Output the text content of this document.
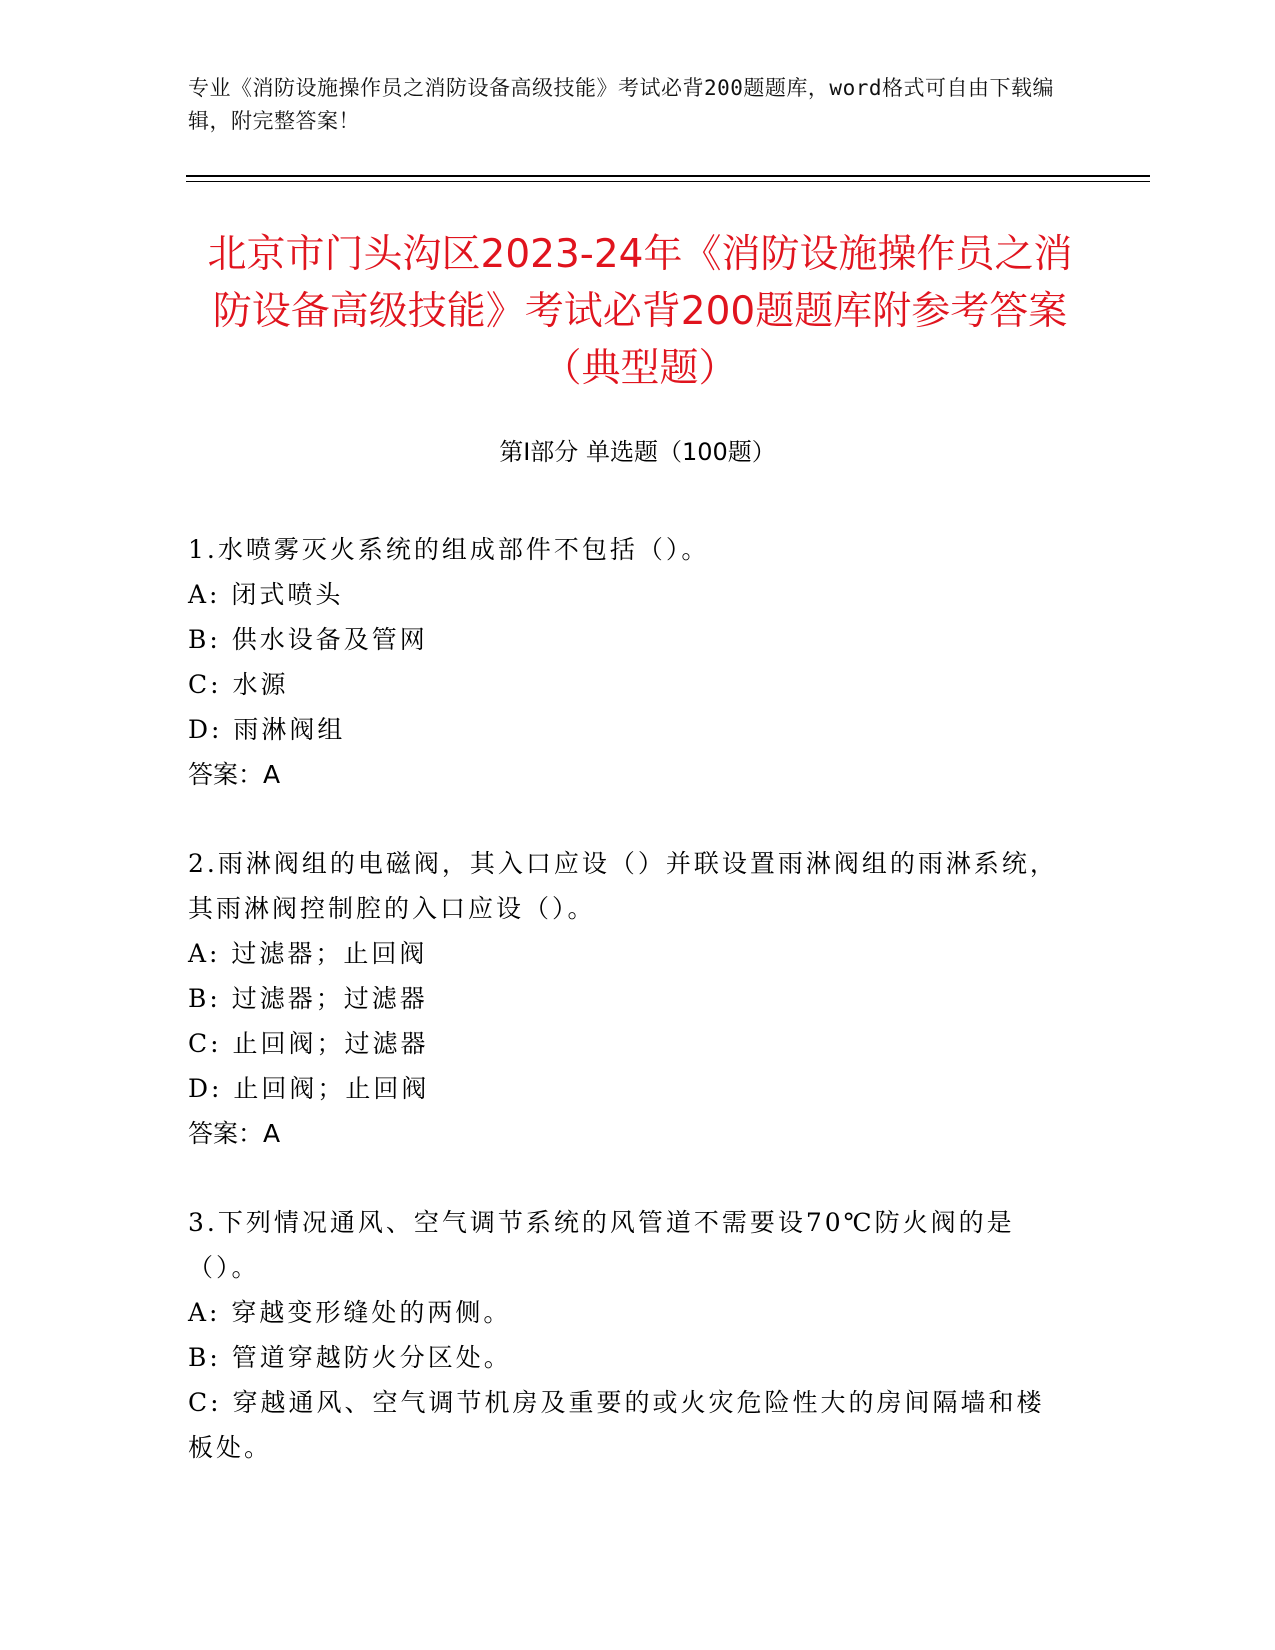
专业《消防设施操作员之消防设备高级技能》考试必背200题题库，word格式可自由下载编辑，附完整答案！
北京市门头沟区2023-24年《消防设施操作员之消防设备高级技能》考试必背200题题库附参考答案（典型题）
第I部分 单选题（100题）
1.水喷雾灭火系统的组成部件不包括（）。
A: 闭式喷头
B: 供水设备及管网
C: 水源
D: 雨淋阀组
答案：A
2.雨淋阀组的电磁阀，其入口应设（）并联设置雨淋阀组的雨淋系统，其雨淋阀控制腔的入口应设（）。
A: 过滤器；止回阀
B: 过滤器；过滤器
C: 止回阀；过滤器
D: 止回阀；止回阀
答案：A
3.下列情况通风、空气调节系统的风管道不需要设70℃防火阀的是（）。
A: 穿越变形缝处的两侧。
B: 管道穿越防火分区处。
C: 穿越通风、空气调节机房及重要的或火灾危险性大的房间隔墙和楼板处。
